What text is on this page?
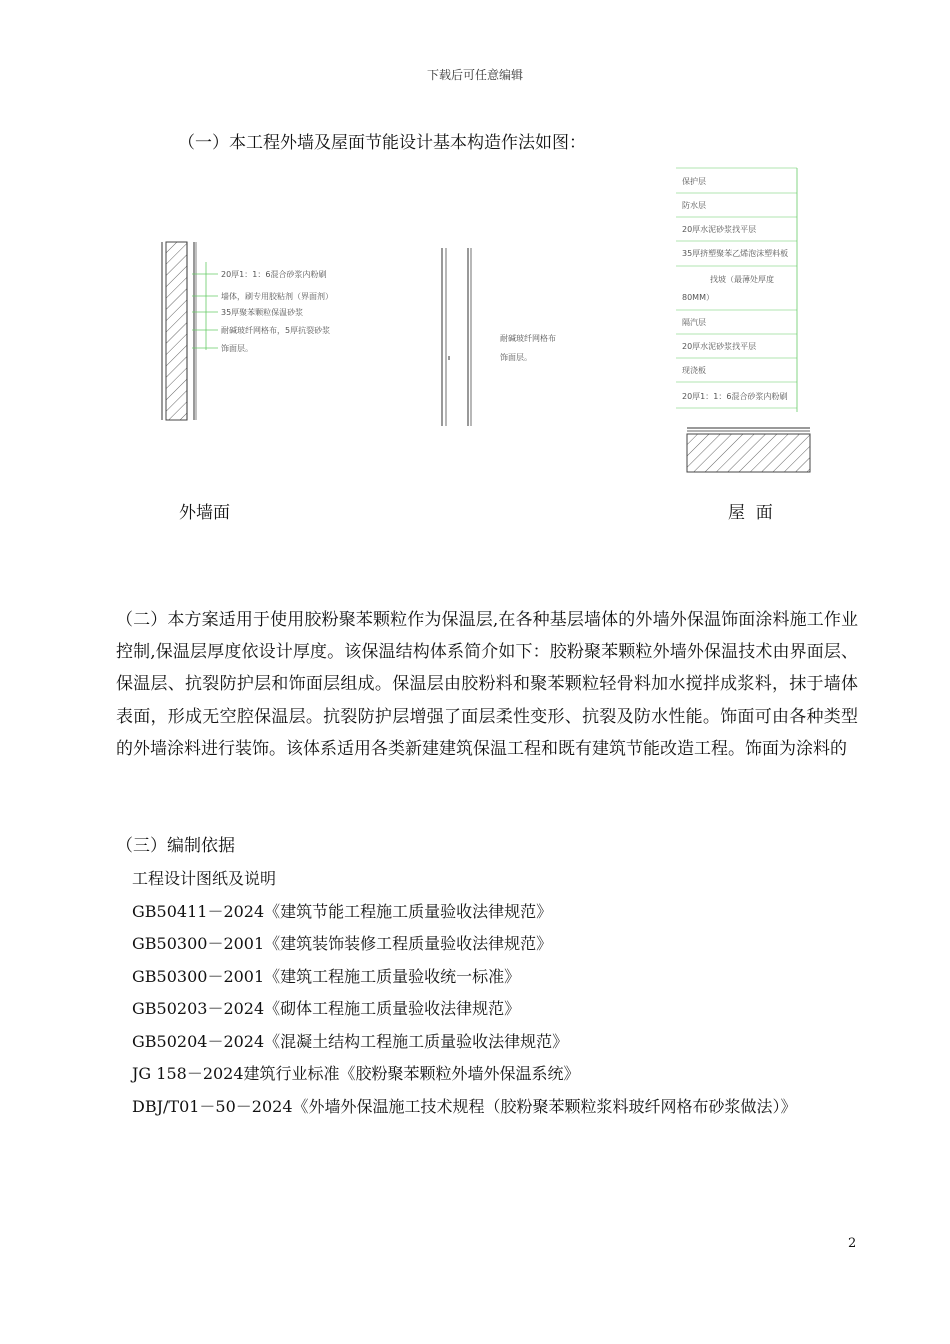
下载后可任意编辑
（一）本工程外墙及屋面节能设计基本构造作法如图：
20厚1：1：6混合砂浆内粉刷
墙体，刷专用胶粘剂（界面剂）
35厚聚苯颗粒保温砂浆
耐碱玻纤网格布，5厚抗裂砂浆
饰面层。
耐碱玻纤网格布
饰面层。
保护层
防水层
20厚水泥砂浆找平层
35厚挤塑聚苯乙烯泡沫塑料板
找坡（最薄处厚度
80MM）
隔汽层
20厚水泥砂浆找平层
现浇板
20厚1：1：6混合砂浆内粉刷
外墙面	屋  面

（二）本方案适用于使用胶粉聚苯颗粒作为保温层,在各种基层墙体的外墙外保温饰面涂料施工作业控制,保温层厚度依设计厚度。该保温结构体系简介如下：胶粉聚苯颗粒外墙外保温技术由界面层、保温层、抗裂防护层和饰面层组成。保温层由胶粉料和聚苯颗粒轻骨料加水搅拌成浆料，抹于墙体表面，形成无空腔保温层。抗裂防护层增强了面层柔性变形、抗裂及防水性能。饰面可由各种类型的外墙涂料进行装饰。该体系适用各类新建建筑保温工程和既有建筑节能改造工程。饰面为涂料的

（三）编制依据
工程设计图纸及说明
GB50411－2024《建筑节能工程施工质量验收法律规范》
GB50300－2001《建筑装饰装修工程质量验收法律规范》
GB50300－2001《建筑工程施工质量验收统一标准》
GB50203－2024《砌体工程施工质量验收法律规范》
GB50204－2024《混凝土结构工程施工质量验收法律规范》
JG 158－2024建筑行业标准《胶粉聚苯颗粒外墙外保温系统》
DBJ/T01－50－2024《外墙外保温施工技术规程（胶粉聚苯颗粒浆料玻纤网格布砂浆做法）》
2
